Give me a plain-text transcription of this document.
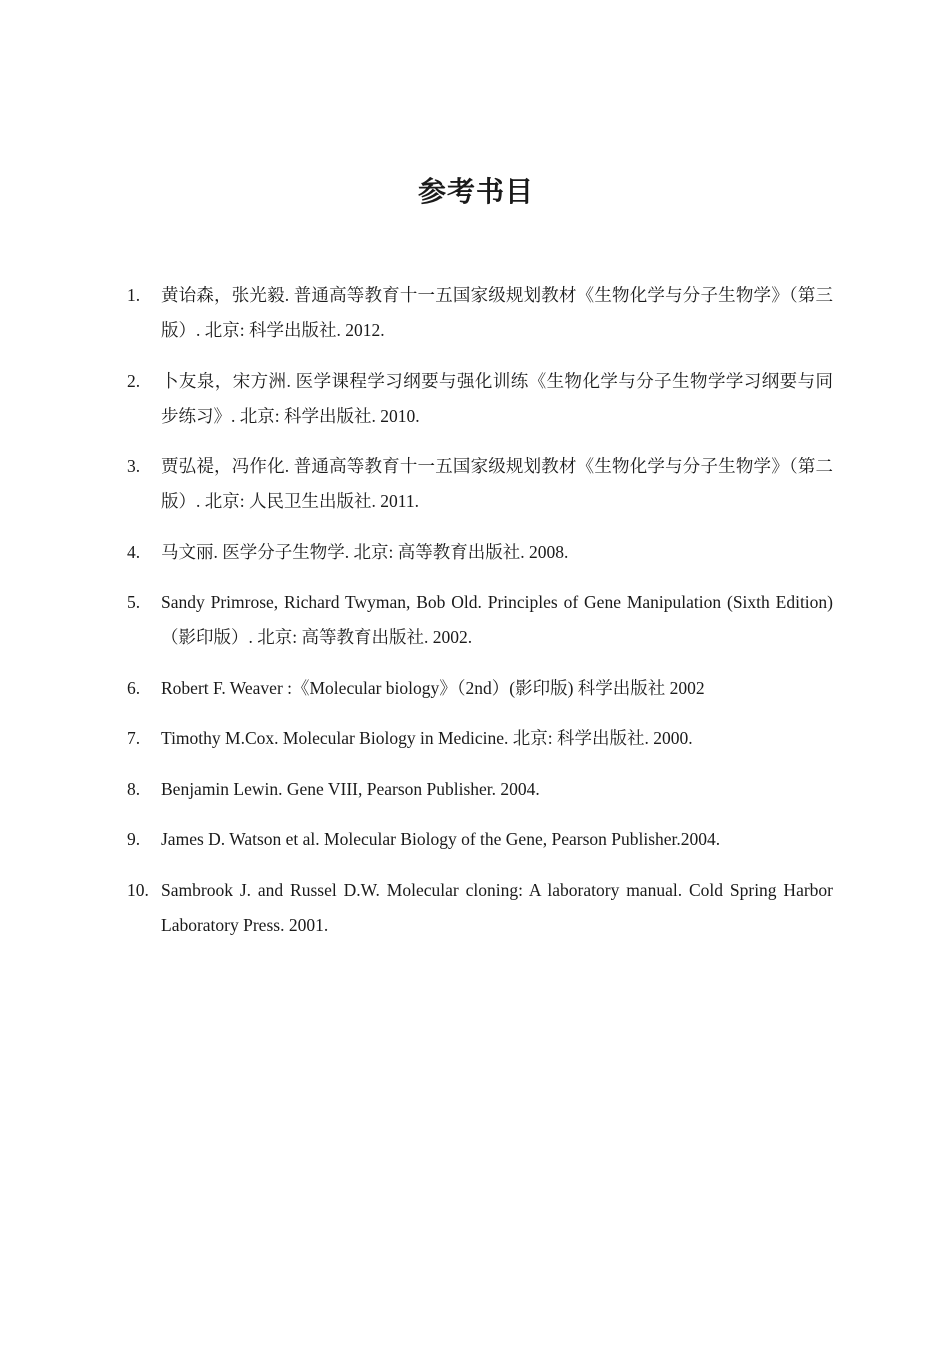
参考书目
1. 黄诒森，张光毅. 普通高等教育十一五国家级规划教材《生物化学与分子生物学》（第三版）. 北京: 科学出版社. 2012.
2. 卜友泉，宋方洲. 医学课程学习纲要与强化训练《生物化学与分子生物学学习纲要与同步练习》. 北京: 科学出版社. 2010.
3. 贾弘禔，冯作化. 普通高等教育十一五国家级规划教材《生物化学与分子生物学》（第二版）. 北京: 人民卫生出版社. 2011.
4. 马文丽. 医学分子生物学. 北京: 高等教育出版社. 2008.
5. Sandy Primrose, Richard Twyman, Bob Old. Principles of Gene Manipulation (Sixth Edition)（影印版）. 北京: 高等教育出版社. 2002.
6. Robert F. Weaver :《Molecular biology》（2nd）(影印版) 科学出版社 2002
7. Timothy M.Cox. Molecular Biology in Medicine. 北京: 科学出版社. 2000.
8. Benjamin Lewin. Gene VIII, Pearson Publisher. 2004.
9. James D. Watson et al. Molecular Biology of the Gene, Pearson Publisher.2004.
10. Sambrook J. and Russel D.W. Molecular cloning: A laboratory manual. Cold Spring Harbor Laboratory Press. 2001.
